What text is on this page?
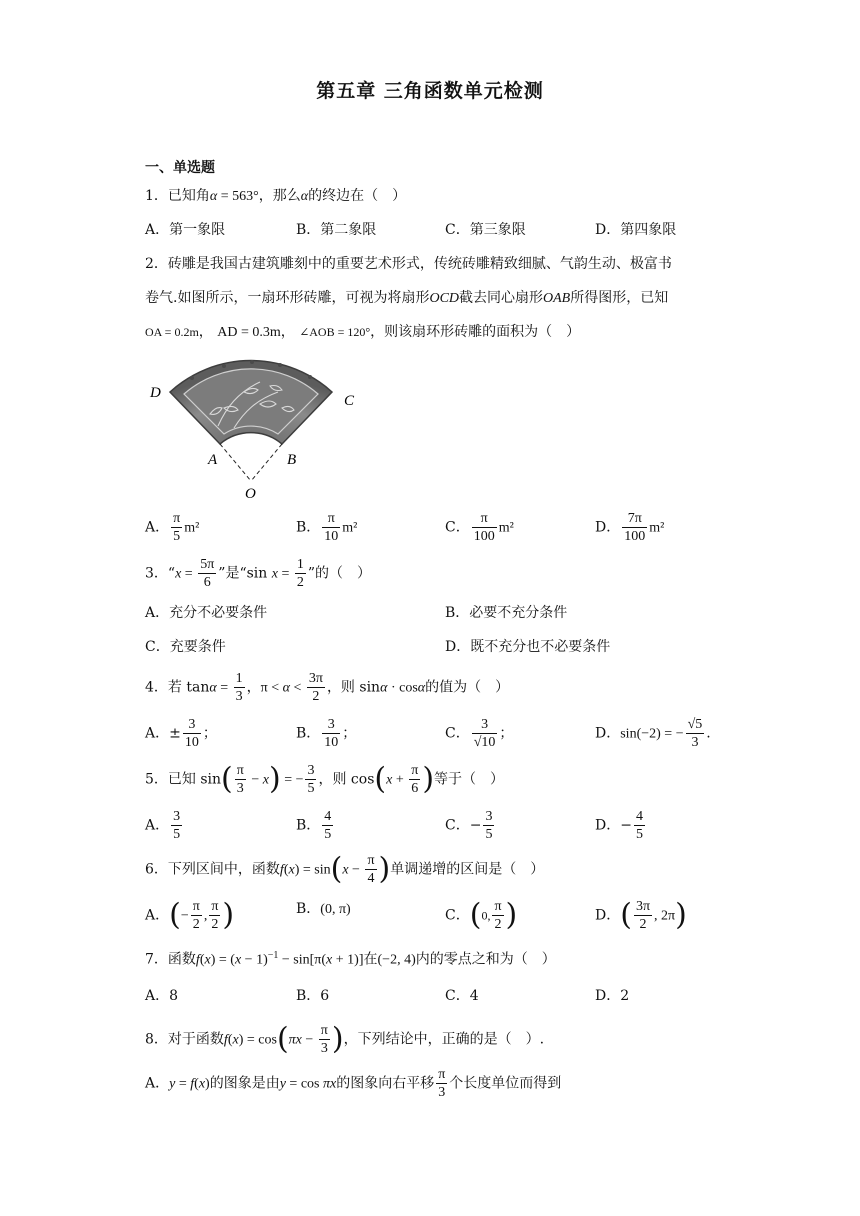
第五章 三角函数单元检测
一、单选题
1．已知角α = 563°，那么α的终边在（　）
A．第一象限	B．第二象限	C．第三象限	D．第四象限
2．砖雕是我国古建筑雕刻中的重要艺术形式，传统砖雕精致细腻、气韵生动、极富书
卷气.如图所示，一扇环形砖雕，可视为将扇形OCD截去同心扇形OAB所得图形，已知
OA = 0.2m， AD = 0.3m， ∠AOB = 120°，则该扇环形砖雕的面积为（　）
D	C
A	B
O
A． $\frac{\pi}{5} m^2$	B． $\frac{\pi}{10} m^2$	C． $\frac{\pi}{100} m^2$	D． $\frac{7\pi}{100} m^2$
3．“$x = \frac{5\pi}{6}$ ”是“sin $x = \frac{1}{2}$ ”的（　）
A．充分不必要条件	B．必要不充分条件
C．充要条件	D．既不充分也不必要条件
4．若 $\tan\alpha = \frac{1}{3}$ ，$\pi < \alpha < \frac{3\pi}{2}$ ，则 sinα · cosα的值为（　）
A．± $\frac{3}{10}$ ；	B． $\frac{3}{10}$ ；	C． $\frac{3}{√10}$ ；	D．sin(−2) = − $\frac{√5}{3}$ .
5．已知 $\sin( \frac{\pi}{3} - x)$ = − $\frac{3}{5}$ ，则 $\cos(x + \frac{\pi}{6}$ )等于（　）
A． $\frac{3}{5}$	B． $\frac{4}{5}$	C．− $\frac{3}{5}$	D．− $\frac{4}{5}$
6．下列区间中，函数$f(x) = \sin(x - \frac{\pi}{4}$ )单调递增的区间是（　）
A．(− $\frac{\pi}{2}$ , $\frac{\pi}{2}$ )	B．(0, π)	C．(0, $\frac{\pi}{2}$ )	D．( $\frac{3\pi}{2}$ , 2π)
7．函数$f(x) = (x - 1)^{-1} - \sin[\pi(x + 1)]$在(−2, 4)内的零点之和为（　）
A．8	B．6	C．4	D．2
8．对于函数$f(x) = \cos(\pi x - \frac{\pi}{3}$ )，下列结论中，正确的是（　）.
A．y = f(x)的图象是由y = cos πx的图象向右平移 $\frac{\pi}{3}$ 个长度单位而得到
